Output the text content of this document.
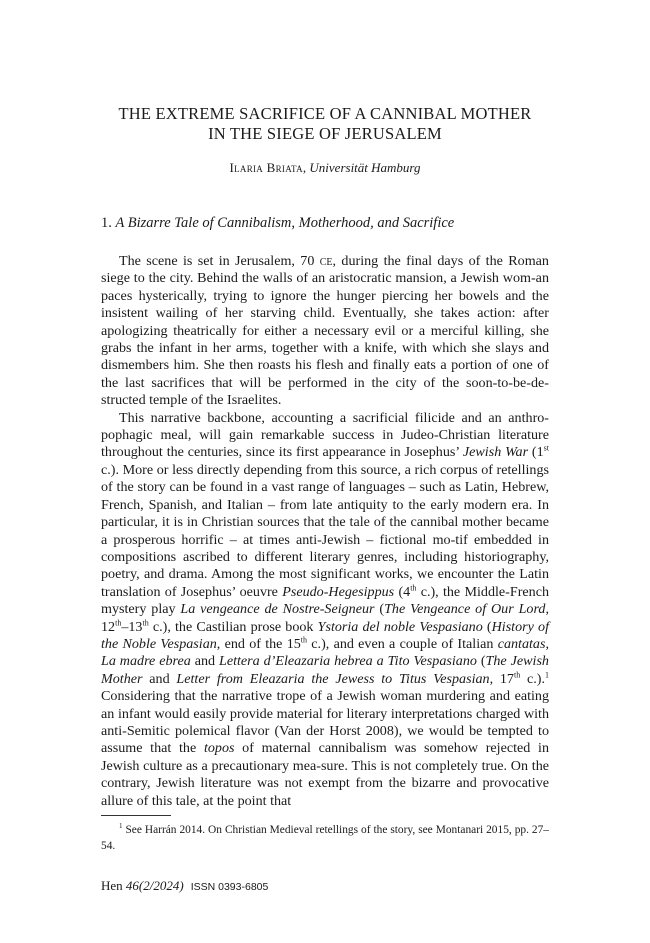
THE EXTREME SACRIFICE OF A CANNIBAL MOTHER
IN THE SIEGE OF JERUSALEM
Ilaria Briata, Universität Hamburg
1. A Bizarre Tale of Cannibalism, Motherhood, and Sacrifice

The scene is set in Jerusalem, 70 ce, during the final days of the Roman siege to the city. Behind the walls of an aristocratic mansion, a Jewish wom-an paces hysterically, trying to ignore the hunger piercing her bowels and the insistent wailing of her starving child. Eventually, she takes action: after apologizing theatrically for either a necessary evil or a merciful killing, she grabs the infant in her arms, together with a knife, with which she slays and dismembers him. She then roasts his flesh and finally eats a portion of one of the last sacrifices that will be performed in the city of the soon-to-be-de-structed temple of the Israelites.

This narrative backbone, accounting a sacrificial filicide and an anthro-pophagic meal, will gain remarkable success in Judeo-Christian literature throughout the centuries, since its first appearance in Josephus’ Jewish War (1st c.). More or less directly depending from this source, a rich corpus of retellings of the story can be found in a vast range of languages – such as Latin, Hebrew, French, Spanish, and Italian – from late antiquity to the early modern era. In particular, it is in Christian sources that the tale of the cannibal mother became a prosperous horrific – at times anti-Jewish – fictional mo-tif embedded in compositions ascribed to different literary genres, including historiography, poetry, and drama. Among the most significant works, we encounter the Latin translation of Josephus’ oeuvre Pseudo-Hegesippus (4th c.), the Middle-French mystery play La vengeance de Nostre-Seigneur (The Vengeance of Our Lord, 12th–13th c.), the Castilian prose book Ystoria del noble Vespasiano (History of the Noble Vespasian, end of the 15th c.), and even a couple of Italian cantatas, La madre ebrea and Lettera d’Eleazaria hebrea a Tito Vespasiano (The Jewish Mother and Letter from Eleazaria the Jewess to Titus Vespasian, 17th c.).$^1$ Considering that the narrative trope of a Jewish woman murdering and eating an infant would easily provide material for literary interpretations charged with anti-Semitic polemical flavor (Van der Horst 2008), we would be tempted to assume that the topos of maternal cannibalism was somehow rejected in Jewish culture as a precautionary mea-sure. This is not completely true. On the contrary, Jewish literature was not exempt from the bizarre and provocative allure of this tale, at the point that

$^1$ See Harrán 2014. On Christian Medieval retellings of the story, see Montanari 2015, pp. 27–54.
Hen 46(2/2024) ISSN 0393-6805
